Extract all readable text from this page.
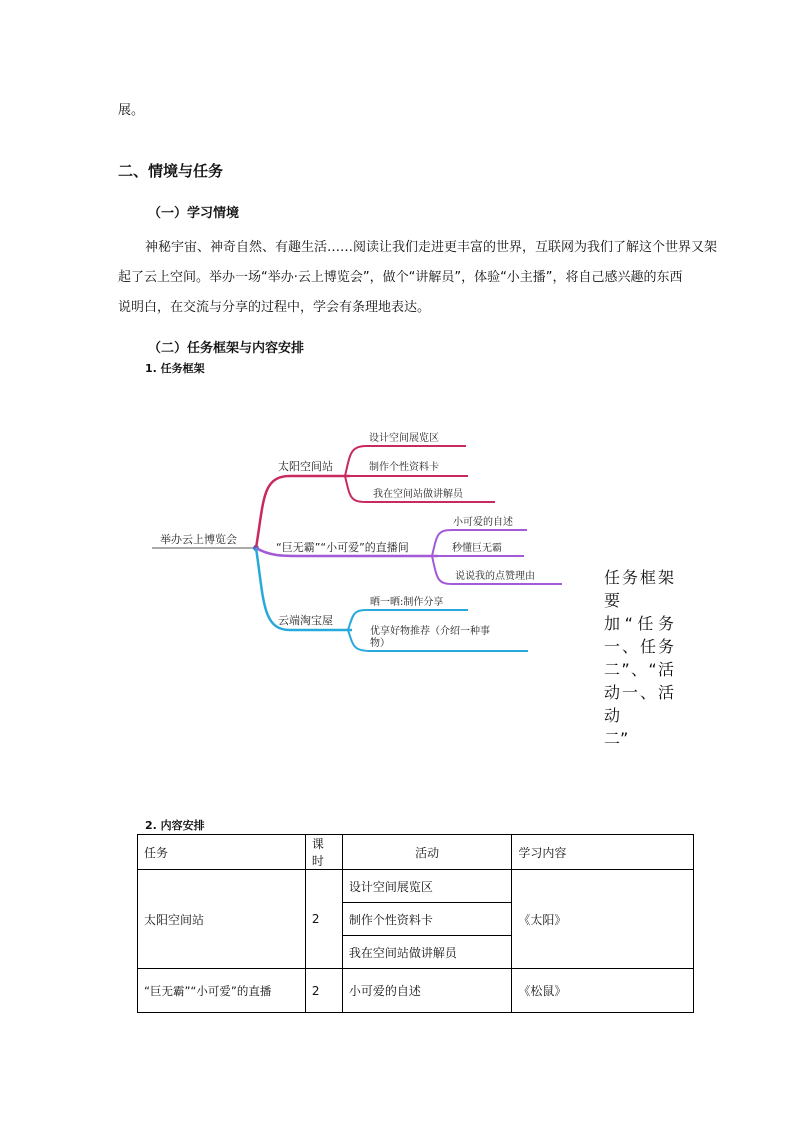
展。
二、情境与任务
（一）学习情境
神秘宇宙、神奇自然、有趣生活……阅读让我们走进更丰富的世界，互联网为我们了解这个世界又架
起了云上空间。举办一场“举办·云上博览会”，做个“讲解员”，体验“小主播”，将自己感兴趣的东西
说明白，在交流与分享的过程中，学会有条理地表达。
（二）任务框架与内容安排
1. 任务框架
举办云上博览会
太阳空间站
设计空间展览区
制作个性资料卡
我在空间站做讲解员
“巨无霸”“小可爱”的直播间
小可爱的自述
秒懂巨无霸
说说我的点赞理由
云端淘宝屋
晒一晒:制作分享
优享好物推荐（介绍一种事
物）
任务框架要
加“任务
一、任务
二”、“活
动一、活动
二”
2. 内容安排
任务	课时	活动	学习内容
太阳空间站	2	设计空间展览区	《太阳》
		制作个性资料卡	
		我在空间站做讲解员	
“巨无霸”“小可爱”的直播	2	小可爱的自述	《松鼠》
